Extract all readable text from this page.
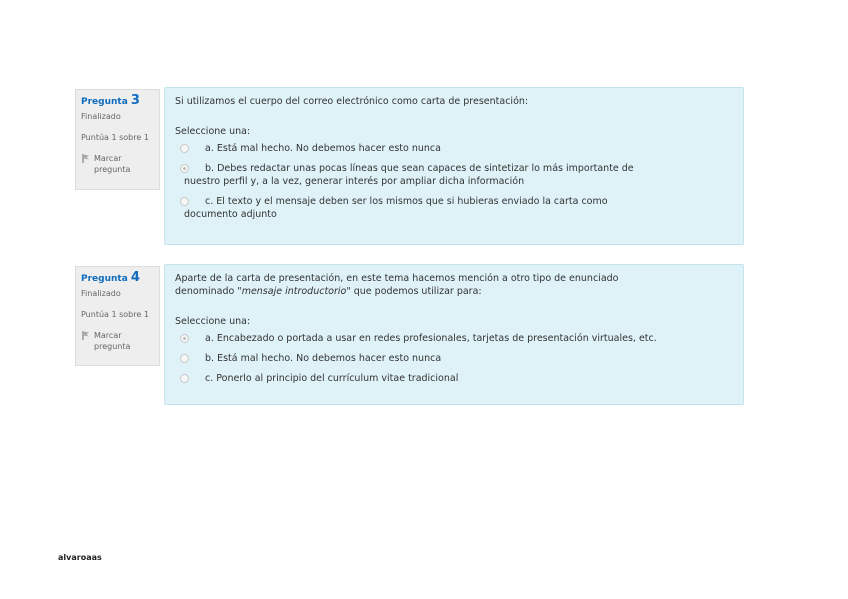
Pregunta 3
Finalizado
Puntúa 1 sobre 1
Marcar
pregunta
Si utilizamos el cuerpo del correo electrónico como carta de presentación:
Seleccione una:
a. Está mal hecho. No debemos hacer esto nunca
b. Debes redactar unas pocas líneas que sean capaces de sintetizar lo más importante de
nuestro perfil y, a la vez, generar interés por ampliar dicha información
c. El texto y el mensaje deben ser los mismos que si hubieras enviado la carta como
documento adjunto
Pregunta 4
Finalizado
Puntúa 1 sobre 1
Marcar
pregunta
Aparte de la carta de presentación, en este tema hacemos mención a otro tipo de enunciado
denominado "mensaje introductorio" que podemos utilizar para:
Seleccione una:
a. Encabezado o portada a usar en redes profesionales, tarjetas de presentación virtuales, etc.
b. Está mal hecho. No debemos hacer esto nunca
c. Ponerlo al principio del currículum vitae tradicional
alvaroaas
